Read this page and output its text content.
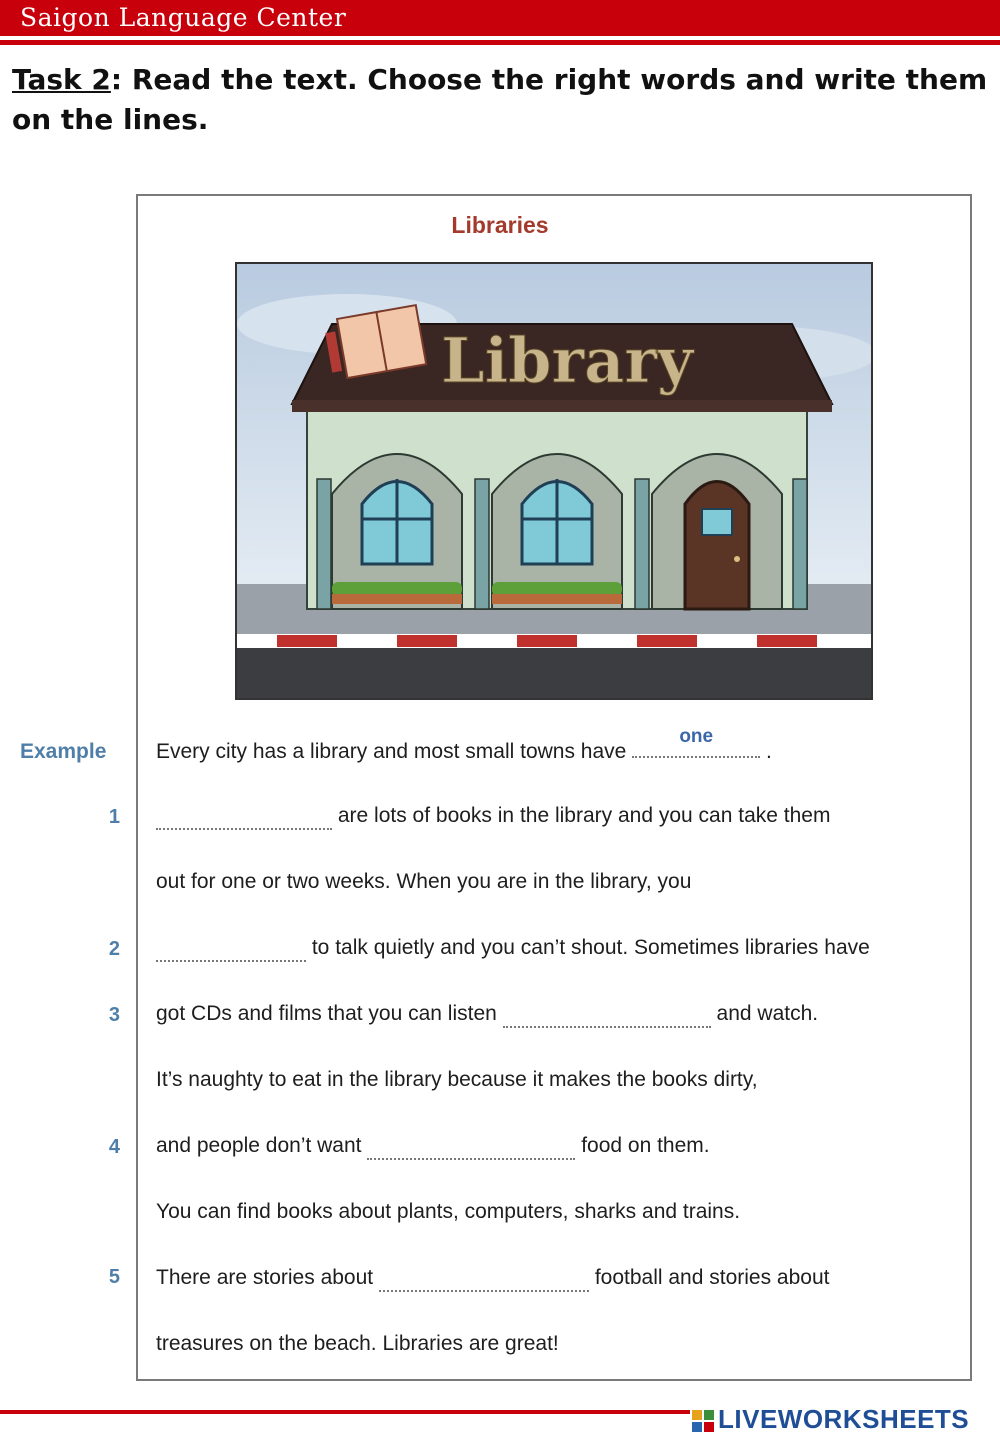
Saigon Language Center
Task 2: Read the text. Choose the right words and write them on the lines.
Libraries
Library
Example Every city has a library and most small towns have
one
.
1	are lots of books in the library and you can take them
out for one or two weeks. When you are in the library, you
2	to talk quietly and you can’t shout. Sometimes libraries have
3 got CDs and films that you can listen	and watch.
It’s naughty to eat in the library because it makes the books dirty,
4 and people don’t want	food on them.
You can find books about plants, computers, sharks and trains.
5 There are stories about	football and stories about
treasures on the beach. Libraries are great!
LIVEWORKSHEETS
